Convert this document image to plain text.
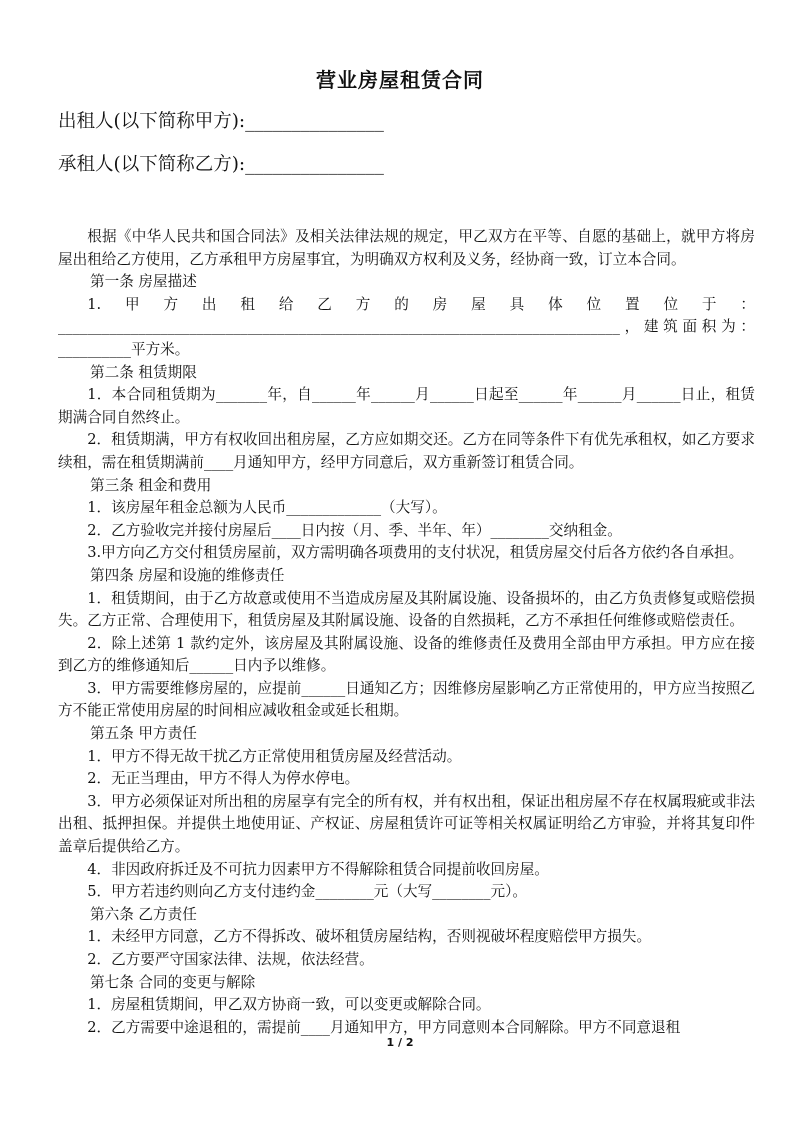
营业房屋租赁合同
出租人(以下简称甲方):_______________
承租人(以下简称乙方):_______________

根据《中华人民共和国合同法》及相关法律法规的规定，甲乙双方在平等、自愿的基础上，就甲方将房屋出租给乙方使用，乙方承租甲方房屋事宜，为明确双方权利及义务，经协商一致，订立本合同。

第一条 房屋描述

1.甲方出租给乙方的房屋具体位置位于：_____________________________________________________________________________，建筑面积为：__________平方米。

第二条 租赁期限

1．本合同租赁期为_______年，自______年______月______日起至______年______月______日止，租赁期满合同自然终止。

2．租赁期满，甲方有权收回出租房屋，乙方应如期交还。乙方在同等条件下有优先承租权，如乙方要求续租，需在租赁期满前____月通知甲方，经甲方同意后，双方重新签订租赁合同。

第三条 租金和费用

1．该房屋年租金总额为人民币_____________（大写）。

2．乙方验收完并接付房屋后____日内按（月、季、半年、年）________交纳租金。

3.甲方向乙方交付租赁房屋前，双方需明确各项费用的支付状况，租赁房屋交付后各方依约各自承担。

第四条 房屋和设施的维修责任

1．租赁期间，由于乙方故意或使用不当造成房屋及其附属设施、设备损坏的，由乙方负责修复或赔偿损失。乙方正常、合理使用下，租赁房屋及其附属设施、设备的自然损耗，乙方不承担任何维修或赔偿责任。

2．除上述第 1 款约定外，该房屋及其附属设施、设备的维修责任及费用全部由甲方承担。甲方应在接到乙方的维修通知后______日内予以维修。

3．甲方需要维修房屋的，应提前______日通知乙方；因维修房屋影响乙方正常使用的，甲方应当按照乙方不能正常使用房屋的时间相应减收租金或延长租期。

第五条 甲方责任

1．甲方不得无故干扰乙方正常使用租赁房屋及经营活动。

2．无正当理由，甲方不得人为停水停电。

3．甲方必须保证对所出租的房屋享有完全的所有权，并有权出租，保证出租房屋不存在权属瑕疵或非法出租、抵押担保。并提供土地使用证、产权证、房屋租赁许可证等相关权属证明给乙方审验，并将其复印件盖章后提供给乙方。

4．非因政府拆迁及不可抗力因素甲方不得解除租赁合同提前收回房屋。

5．甲方若违约则向乙方支付违约金________元（大写________元）。

第六条 乙方责任

1．未经甲方同意，乙方不得拆改、破坏租赁房屋结构，否则视破坏程度赔偿甲方损失。

2．乙方要严守国家法律、法规，依法经营。

第七条 合同的变更与解除

1．房屋租赁期间，甲乙双方协商一致，可以变更或解除合同。

2．乙方需要中途退租的，需提前____月通知甲方，甲方同意则本合同解除。甲方不同意退租

1 / 2
